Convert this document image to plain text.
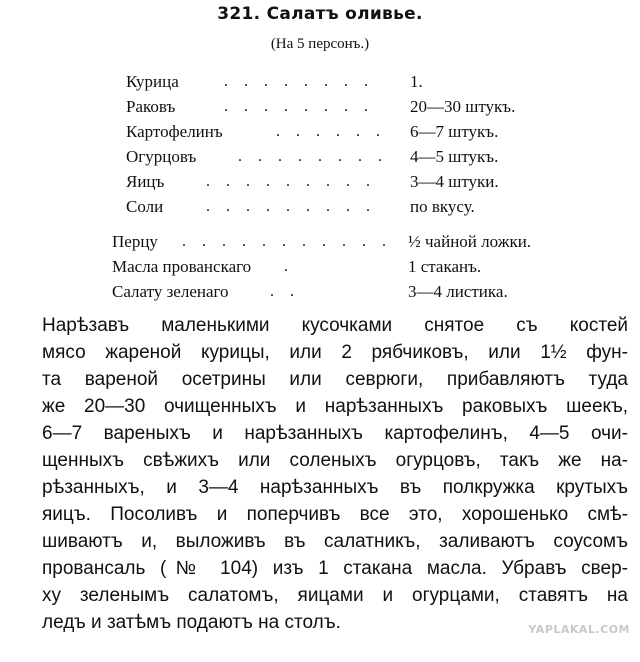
321. Салатъ оливье.
(На 5 персонъ.)
Курица	. . . . . . . . 1.
Раковъ	. . . . . . . . 20—30 штукъ.
Картофелинъ	. . . . . . 6—7 штукъ.
Огурцовъ	. . . . . . . . 4—5 штукъ.
Яицъ	. . . . . . . . . 3—4 штуки.
Соли	. . . . . . . . . по вкусу.
Перцу . . . . . . . . . . . ½ чайной ложки.
Масла прованскаго .	1 стаканъ.
Салату зеленаго	. .	3—4 листика.
Нарѣзавъ маленькими кусочками снятое съ костей
мясо жареной курицы, или 2 рябчиковъ, или 1½ фун-
та вареной осетрины или севрюги, прибавляютъ туда
же 20—30 очищенныхъ и нарѣзанныхъ раковыхъ шеекъ,
6—7 вареныхъ и нарѣзанныхъ картофелинъ, 4—5 очи-
щенныхъ свѣжихъ или соленыхъ огурцовъ, такъ же на-
рѣзанныхъ, и 3—4 нарѣзанныхъ въ полкружка крутыхъ
яицъ. Посоливъ и поперчивъ все это, хорошенько смѣ-
шиваютъ и, выложивъ въ салатникъ, заливаютъ соусомъ
провансаль (№ 104) изъ 1 стакана масла. Убравъ свер-
ху зеленымъ салатомъ, яицами и огурцами, ставятъ на
ледъ и затѣмъ подаютъ на столъ.	YAPLAKAL.COM
